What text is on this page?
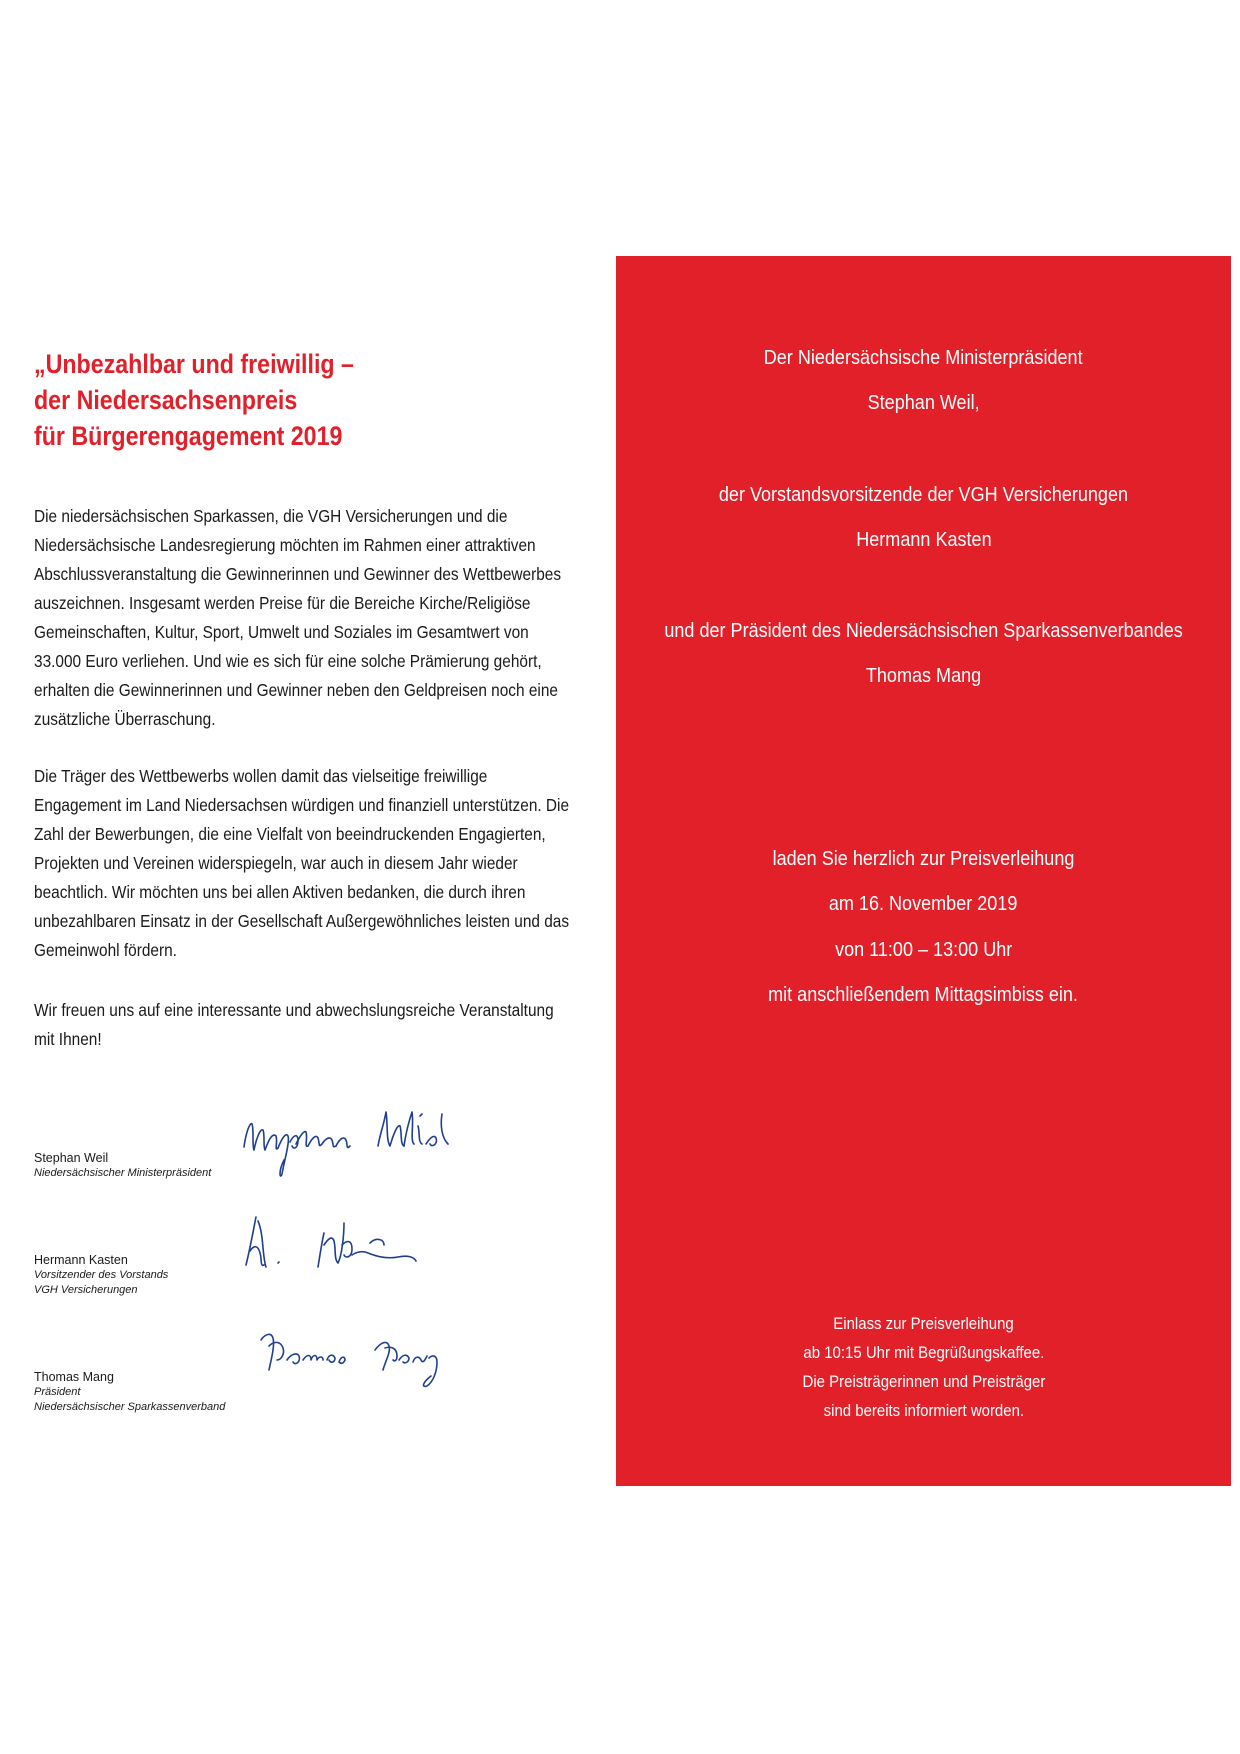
„Unbezahlbar und freiwillig –
der Niedersachsenpreis
für Bürgerengagement 2019

Die niedersächsischen Sparkassen, die VGH Versicherungen und die Niedersächsische Landesregierung möchten im Rahmen einer attraktiven Abschlussveranstaltung die Gewinnerinnen und Gewinner des Wettbewerbes auszeichnen. Insgesamt werden Preise für die Bereiche Kirche/Religiöse Gemeinschaften, Kultur, Sport, Umwelt und Soziales im Gesamtwert von 33.000 Euro verliehen. Und wie es sich für eine solche Prämierung gehört, erhalten die Gewinnerinnen und Gewinner neben den Geldpreisen noch eine zusätzliche Überraschung.

Die Träger des Wettbewerbs wollen damit das vielseitige freiwillige Engagement im Land Niedersachsen würdigen und finanziell unterstützen. Die Zahl der Bewerbungen, die eine Vielfalt von beeindruckenden Engagierten, Projekten und Vereinen widerspiegeln, war auch in diesem Jahr wieder beachtlich. Wir möchten uns bei allen Aktiven bedanken, die durch ihren unbezahlbaren Einsatz in der Gesellschaft Außergewöhnliches leisten und das Gemeinwohl fördern.

Wir freuen uns auf eine interessante und abwechslungsreiche Veranstaltung mit Ihnen!

Stephan Weil
Niedersächsischer Ministerpräsident
Hermann Kasten
Vorsitzender des Vorstands
VGH Versicherungen
Thomas Mang
Präsident
Niedersächsischer Sparkassenverband
Der Niedersächsische Ministerpräsident
Stephan Weil,
der Vorstandsvorsitzende der VGH Versicherungen
Hermann Kasten
und der Präsident des Niedersächsischen Sparkassenverbandes
Thomas Mang
laden Sie herzlich zur Preisverleihung
am 16. November 2019
von 11:00 – 13:00 Uhr
mit anschließendem Mittagsimbiss ein.
Einlass zur Preisverleihung
ab 10:15 Uhr mit Begrüßungskaffee.
Die Preisträgerinnen und Preisträger
sind bereits informiert worden.
